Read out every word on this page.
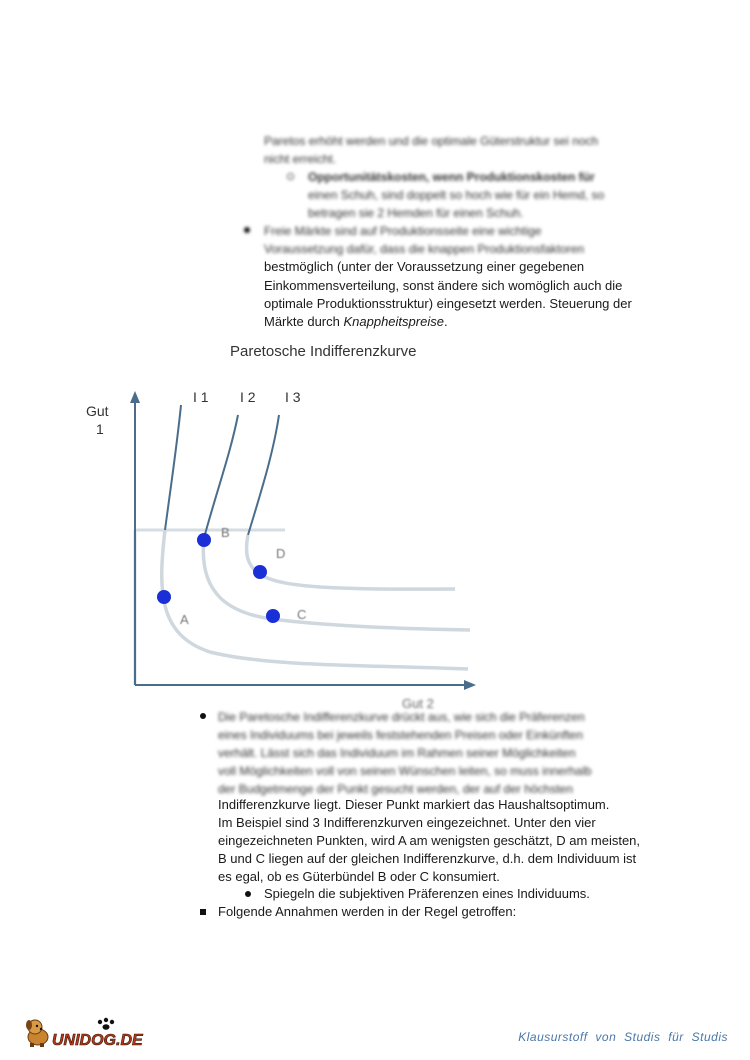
Paretos erhöht werden und die optimale Güterstruktur sei noch
nicht erreicht.
Opportunitätskosten, wenn Produktionskosten für
einen Schuh, sind doppelt so hoch wie für ein Hemd, so
betragen sie 2 Hemden für einen Schuh.
Freie Märkte sind auf Produktionsseite eine wichtige
Voraussetzung dafür, dass die knappen Produktionsfaktoren
bestmöglich (unter der Voraussetzung einer gegebenen
Einkommensverteilung, sonst ändere sich womöglich auch die
optimale Produktionsstruktur) eingesetzt werden. Steuerung der
Märkte durch Knappheitspreise.
Paretosche Indifferenzkurve
I 1 I 2 I 3
Gut
1
A
B
C
D
Gut 2
Die Paretosche Indifferenzkurve drückt aus, wie sich die Präferenzen
eines Individuums bei jeweils feststehenden Preisen oder Einkünften
verhält. Lässt sich das Individuum im Rahmen seiner Möglichkeiten
voll Möglichkeiten voll von seinen Wünschen leiten, so muss innerhalb
der Budgetmenge der Punkt gesucht werden, der auf der höchsten
Indifferenzkurve liegt. Dieser Punkt markiert das Haushaltsoptimum.
Im Beispiel sind 3 Indifferenzkurven eingezeichnet. Unter den vier
eingezeichneten Punkten, wird A am wenigsten geschätzt, D am meisten,
B und C liegen auf der gleichen Indifferenzkurve, d.h. dem Individuum ist
es egal, ob es Güterbündel B oder C konsumiert.
Spiegeln die subjektiven Präferenzen eines Individuums.
Folgende Annahmen werden in der Regel getroffen:
UNIDOG.DE	Klausurstoff von Studis für Studis
